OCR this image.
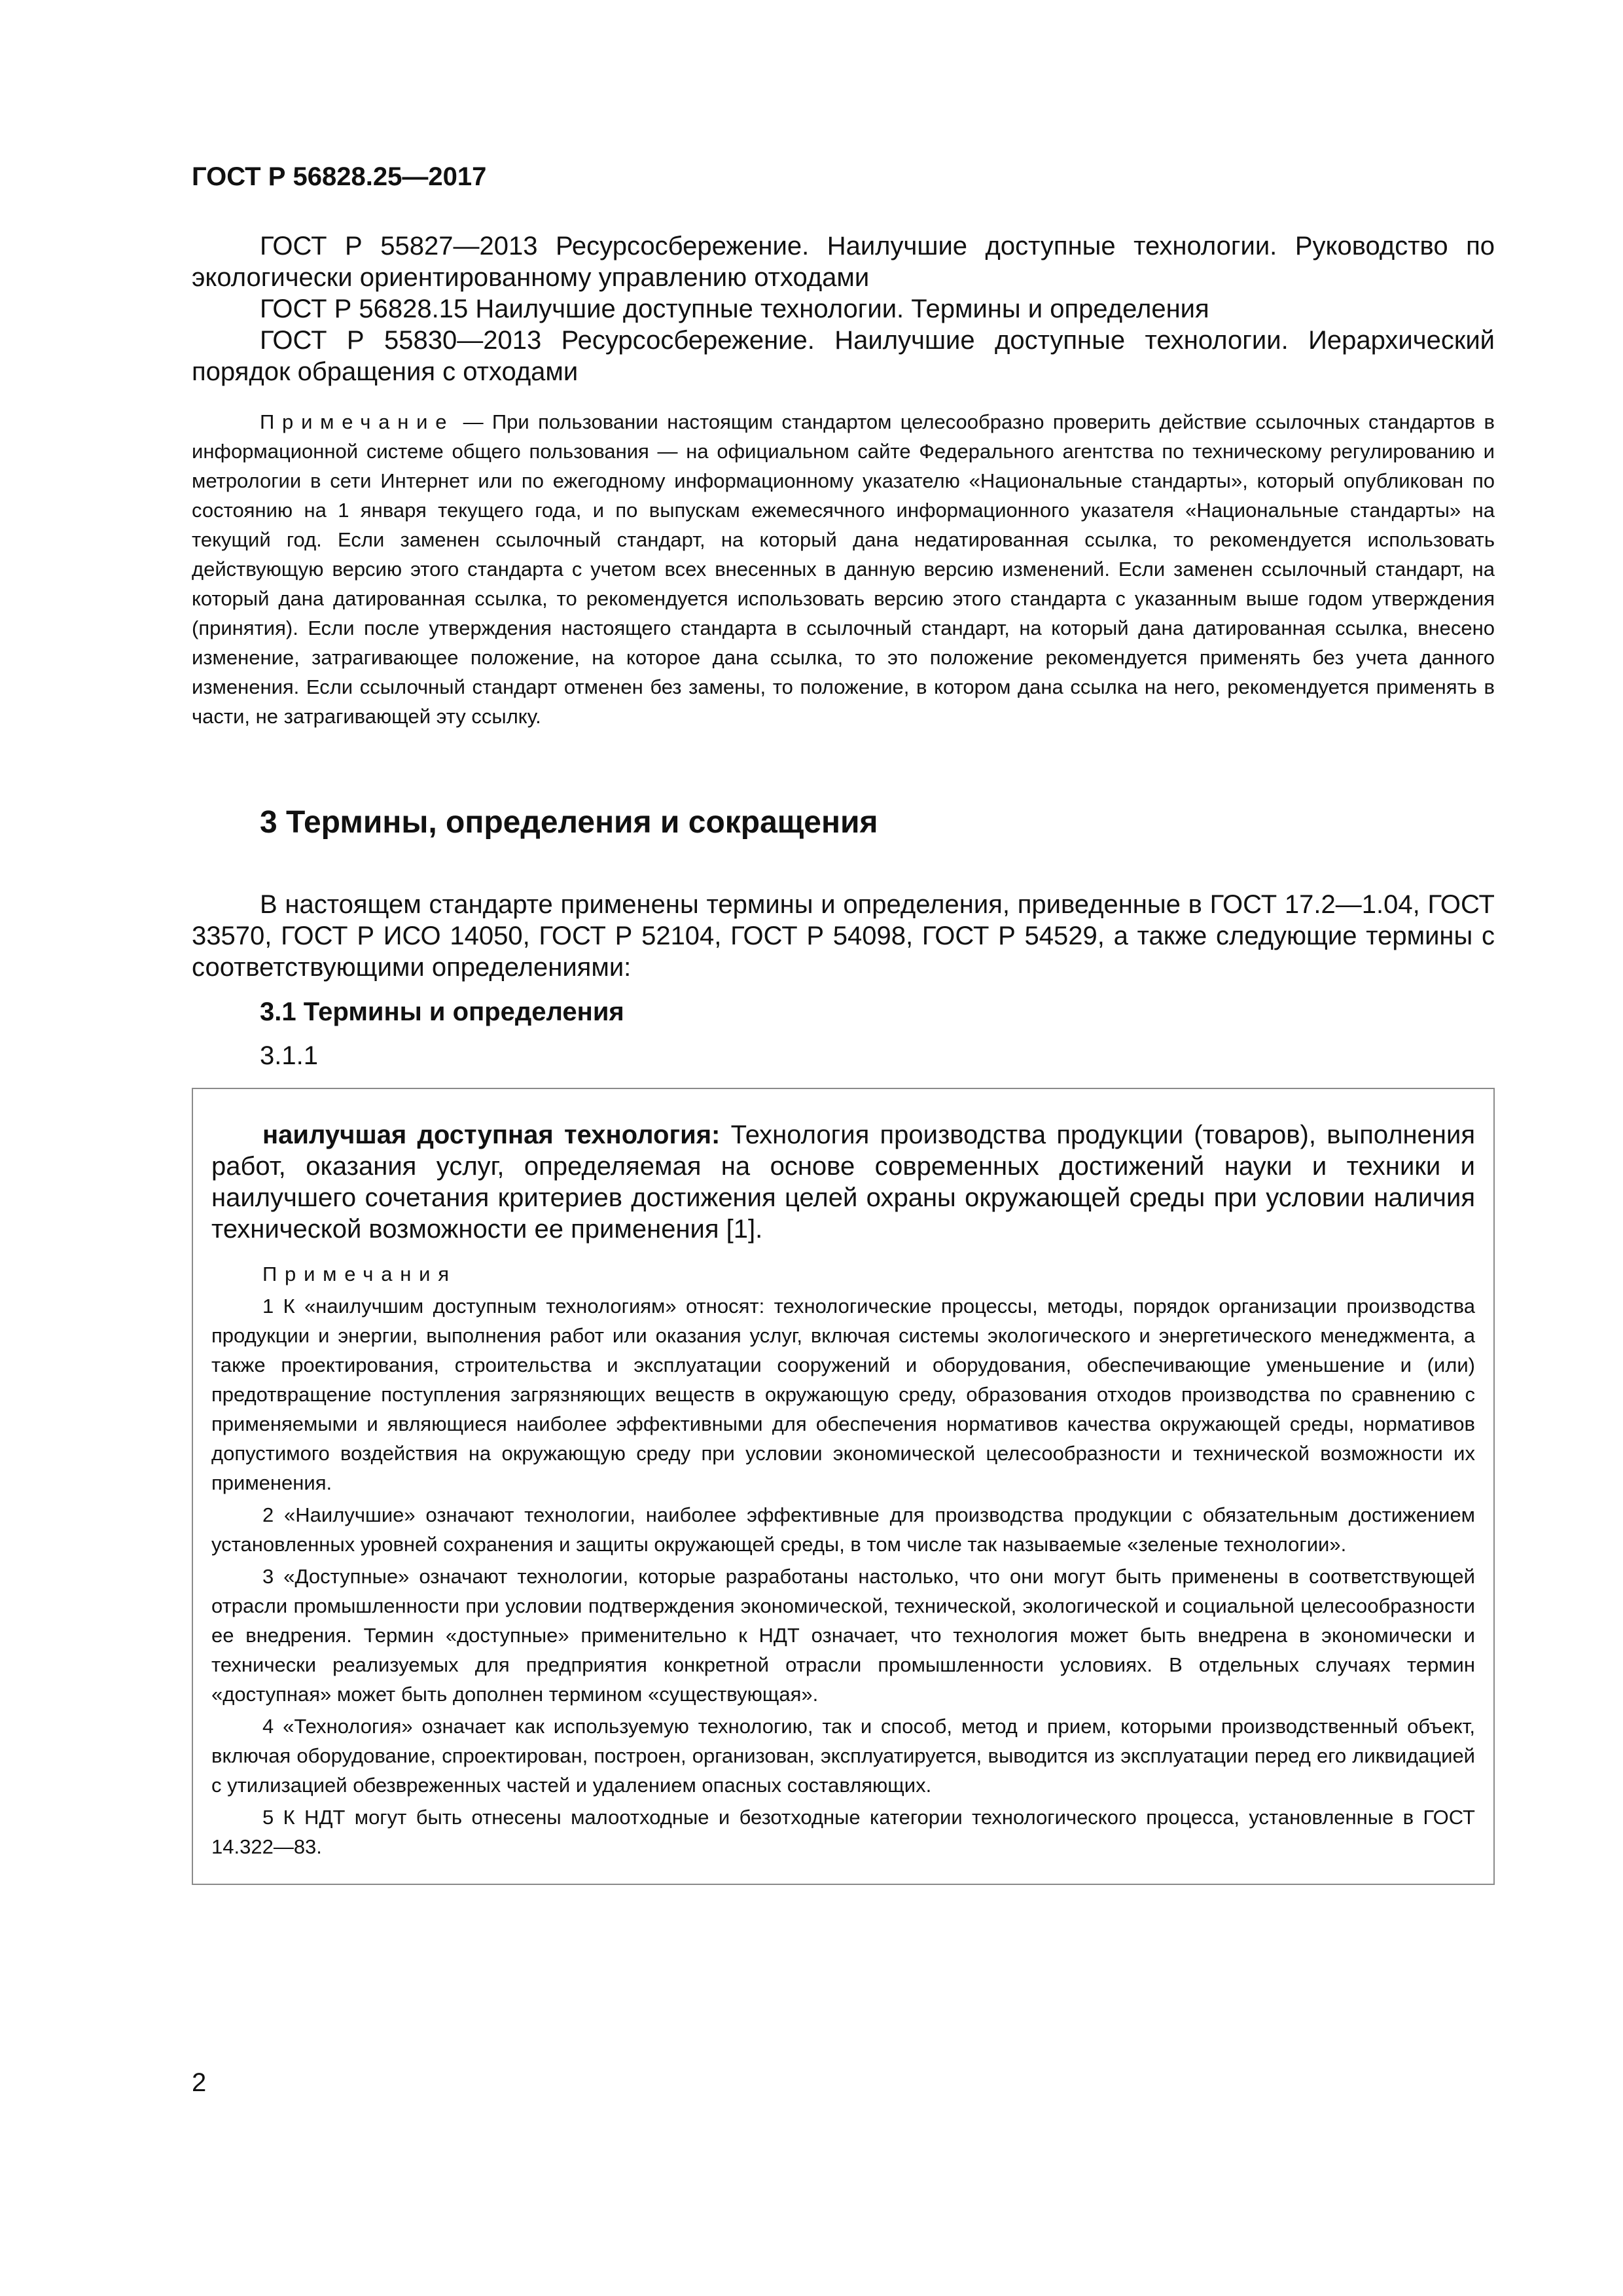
ГОСТ Р 56828.25—2017

ГОСТ Р 55827—2013 Ресурсосбережение. Наилучшие доступные технологии. Руководство по экологически ориентированному управлению отходами

ГОСТ Р 56828.15 Наилучшие доступные технологии. Термины и определения

ГОСТ Р 55830—2013 Ресурсосбережение. Наилучшие доступные технологии. Иерархический порядок обращения с отходами

Примечание — При пользовании настоящим стандартом целесообразно проверить действие ссылочных стандартов в информационной системе общего пользования — на официальном сайте Федерального агентства по техническому регулированию и метрологии в сети Интернет или по ежегодному информационному указателю «Национальные стандарты», который опубликован по состоянию на 1 января текущего года, и по выпускам ежемесячного информационного указателя «Национальные стандарты» на текущий год. Если заменен ссылочный стандарт, на который дана недатированная ссылка, то рекомендуется использовать действующую версию этого стандарта с учетом всех внесенных в данную версию изменений. Если заменен ссылочный стандарт, на который дана датированная ссылка, то рекомендуется использовать версию этого стандарта с указанным выше годом утверждения (принятия). Если после утверждения настоящего стандарта в ссылочный стандарт, на который дана датированная ссылка, внесено изменение, затрагивающее положение, на которое дана ссылка, то это положение рекомендуется применять без учета данного изменения. Если ссылочный стандарт отменен без замены, то положение, в котором дана ссылка на него, рекомендуется применять в части, не затрагивающей эту ссылку.

3 Термины, определения и сокращения

В настоящем стандарте применены термины и определения, приведенные в ГОСТ 17.2—1.04, ГОСТ 33570, ГОСТ Р ИСО 14050, ГОСТ Р 52104, ГОСТ Р 54098, ГОСТ Р 54529, а также следующие термины с соответствующими определениями:

3.1 Термины и определения
3.1.1

наилучшая доступная технология: Технология производства продукции (товаров), выполнения работ, оказания услуг, определяемая на основе современных достижений науки и техники и наилучшего сочетания критериев достижения целей охраны окружающей среды при условии наличия технической возможности ее применения [1].

Примечания

1 К «наилучшим доступным технологиям» относят: технологические процессы, методы, порядок организации производства продукции и энергии, выполнения работ или оказания услуг, включая системы экологического и энергетического менеджмента, а также проектирования, строительства и эксплуатации сооружений и оборудования, обеспечивающие уменьшение и (или) предотвращение поступления загрязняющих веществ в окружающую среду, образования отходов производства по сравнению с применяемыми и являющиеся наиболее эффективными для обеспечения нормативов качества окружающей среды, нормативов допустимого воздействия на окружающую среду при условии экономической целесообразности и технической возможности их применения.

2 «Наилучшие» означают технологии, наиболее эффективные для производства продукции с обязательным достижением установленных уровней сохранения и защиты окружающей среды, в том числе так называемые «зеленые технологии».

3 «Доступные» означают технологии, которые разработаны настолько, что они могут быть применены в соответствующей отрасли промышленности при условии подтверждения экономической, технической, экологической и социальной целесообразности ее внедрения. Термин «доступные» применительно к НДТ означает, что технология может быть внедрена в экономически и технически реализуемых для предприятия конкретной отрасли промышленности условиях. В отдельных случаях термин «доступная» может быть дополнен термином «существующая».

4 «Технология» означает как используемую технологию, так и способ, метод и прием, которыми производственный объект, включая оборудование, спроектирован, построен, организован, эксплуатируется, выводится из эксплуатации перед его ликвидацией с утилизацией обезвреженных частей и удалением опасных составляющих.

5 К НДТ могут быть отнесены малоотходные и безотходные категории технологического процесса, установленные в ГОСТ 14.322—83.

2
